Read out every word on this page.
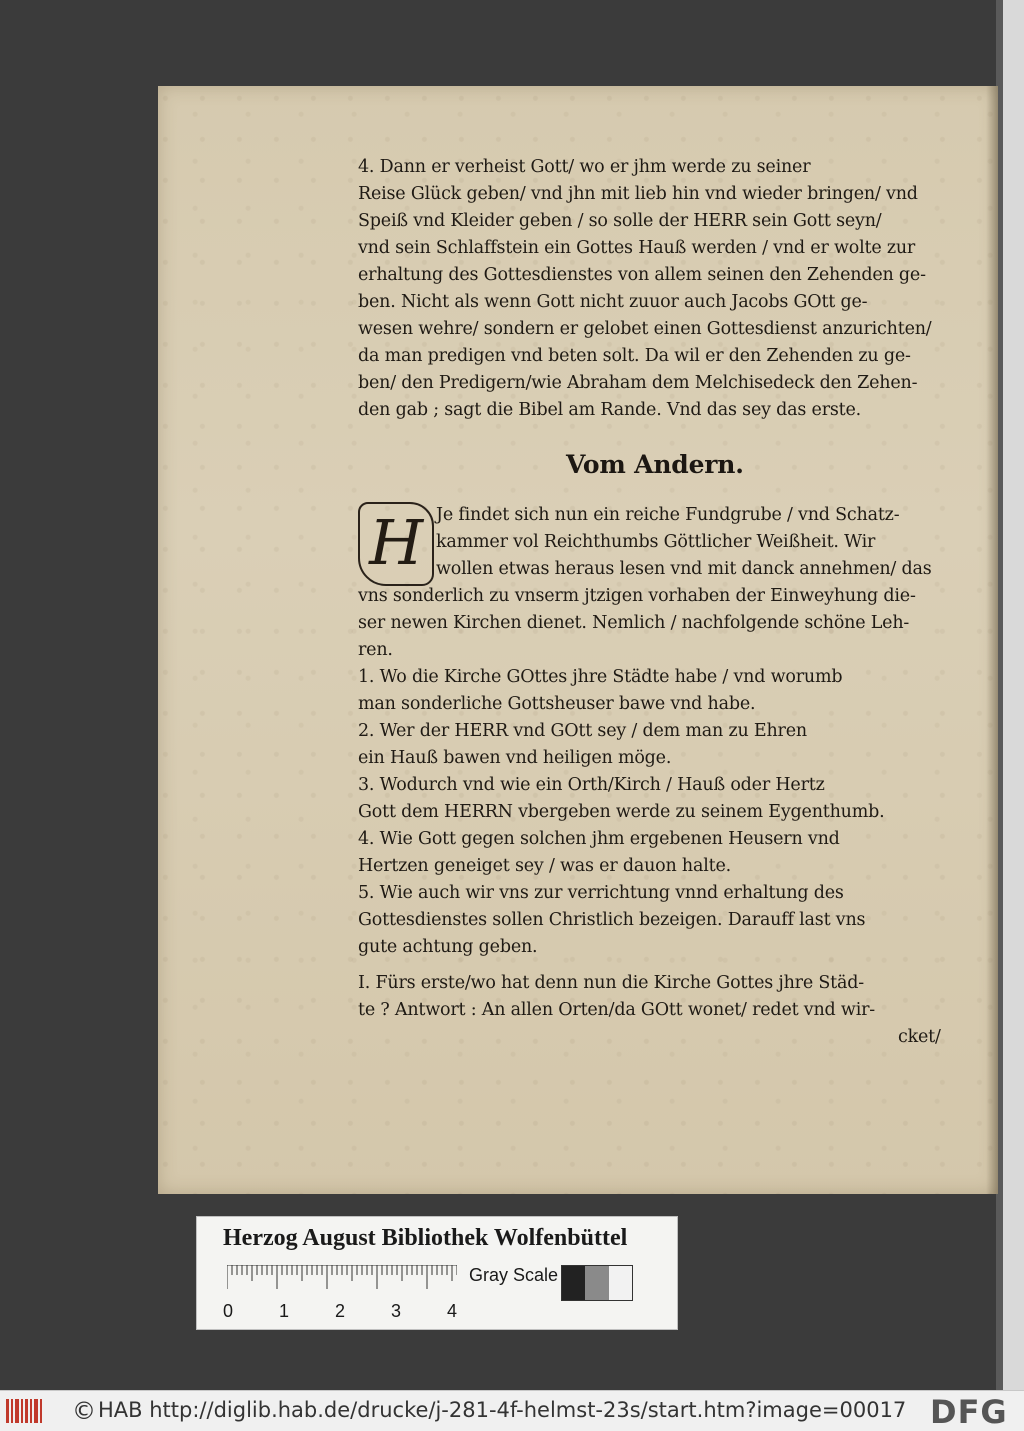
4. Dann er verheist Gott/ wo er jhm werde zu seiner
Reise Glück geben/ vnd jhn mit lieb hin vnd wieder bringen/ vnd
Speiß vnd Kleider geben / so solle der HERR sein Gott seyn/
vnd sein Schlaffstein ein Gottes Hauß werden / vnd er wolte zur
erhaltung des Gottesdienstes von allem seinen den Zehenden ge-
ben. Nicht als wenn Gott nicht zuuor auch Jacobs GOtt ge-
wesen wehre/ sondern er gelobet einen Gottesdienst anzurichten/
da man predigen vnd beten solt. Da wil er den Zehenden zu ge-
ben/ den Predigern/wie Abraham dem Melchisedeck den Zehen-
den gab ; sagt die Bibel am Rande. Vnd das sey das erste.
Vom Andern.
H Je findet sich nun ein reiche Fundgrube / vnd Schatz-
kammer vol Reichthumbs Göttlicher Weißheit. Wir
wollen etwas heraus lesen vnd mit danck annehmen/ das
vns sonderlich zu vnserm jtzigen vorhaben der Einweyhung die-
ser newen Kirchen dienet. Nemlich / nachfolgende schöne Leh-
ren.
1. Wo die Kirche GOttes jhre Städte habe / vnd worumb
man sonderliche Gottsheuser bawe vnd habe.
2. Wer der HERR vnd GOtt sey / dem man zu Ehren
ein Hauß bawen vnd heiligen möge.
3. Wodurch vnd wie ein Orth/Kirch / Hauß oder Hertz
Gott dem HERRN vbergeben werde zu seinem Eygenthumb.
4. Wie Gott gegen solchen jhm ergebenen Heusern vnd
Hertzen geneiget sey / was er dauon halte.
5. Wie auch wir vns zur verrichtung vnnd erhaltung des
Gottesdienstes sollen Christlich bezeigen. Darauff last vns
gute achtung geben.
I. Fürs erste/wo hat denn nun die Kirche Gottes jhre Städ-
te ? Antwort : An allen Orten/da GOtt wonet/ redet vnd wir-
cket/
Herzog August Bibliothek Wolfenbüttel
0	1	2	3	4
Gray Scale
© HAB http://diglib.hab.de/drucke/j-281-4f-helmst-23s/start.htm?image=00017 DFG
